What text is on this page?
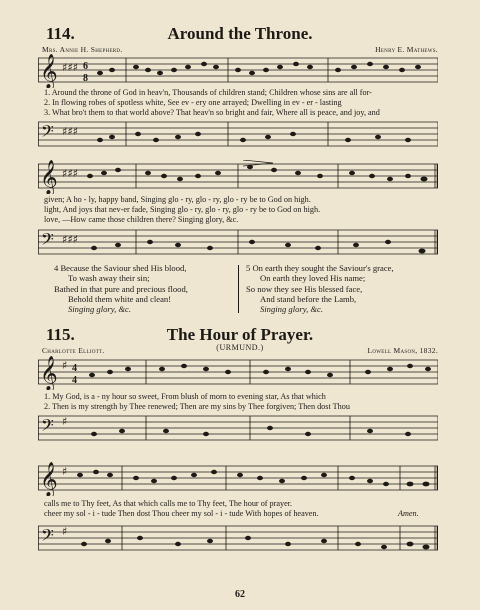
114.	Around the Throne.
Mrs. Annie H. Shepherd.	Henry E. Mathews.
𝄞 ♯♯♯ 6
8
1. Around the throne of God in heav'n, Thousands of children stand; Children whose sins are all for-
2. In flowing robes of spotless white, See ev - ery one arrayed; Dwelling in ev - er - lasting
3. What bro't them to that world above? That heav'n so bright and fair, Where all is peace, and joy, and
𝄢 ♯♯♯
𝄞 ♯♯♯
given; A ho - ly, happy band, Singing glo - ry, glo - ry, glo - ry be to God on high.
light, And joys that nev-er fade, Singing glo - ry, glo - ry, glo - ry be to God on high.
love, —How came those children there? Singing glory, &c.
𝄢 ♯♯♯
4 Because the Saviour shed His blood,
To wash away their sin;
Bathed in that pure and precious flood,
Behold them white and clean!
Singing glory, &c.
5 On earth they sought the Saviour's grace,
On earth they loved His name;
So now they see His blessed face,
And stand before the Lamb,
Singing glory, &c.
115.	The Hour of Prayer.
(URMUND.)
Charlotte Elliott.	Lowell Mason, 1832.
𝄞 ♯ 4
4
1. My God, is a - ny hour so sweet, From blush of morn to evening star, As that which
2. Then is my strength by Thee renewed; Then are my sins by Thee forgiven; Then dost Thou
𝄢 ♯
𝄞 ♯
calls me to Thy feet, As that which calls me to Thy feet, The hour of prayer.
cheer my sol - i - tude Then dost Thou cheer my sol - i - tude With hopes of heaven.	Amen.
𝄢 ♯
62
